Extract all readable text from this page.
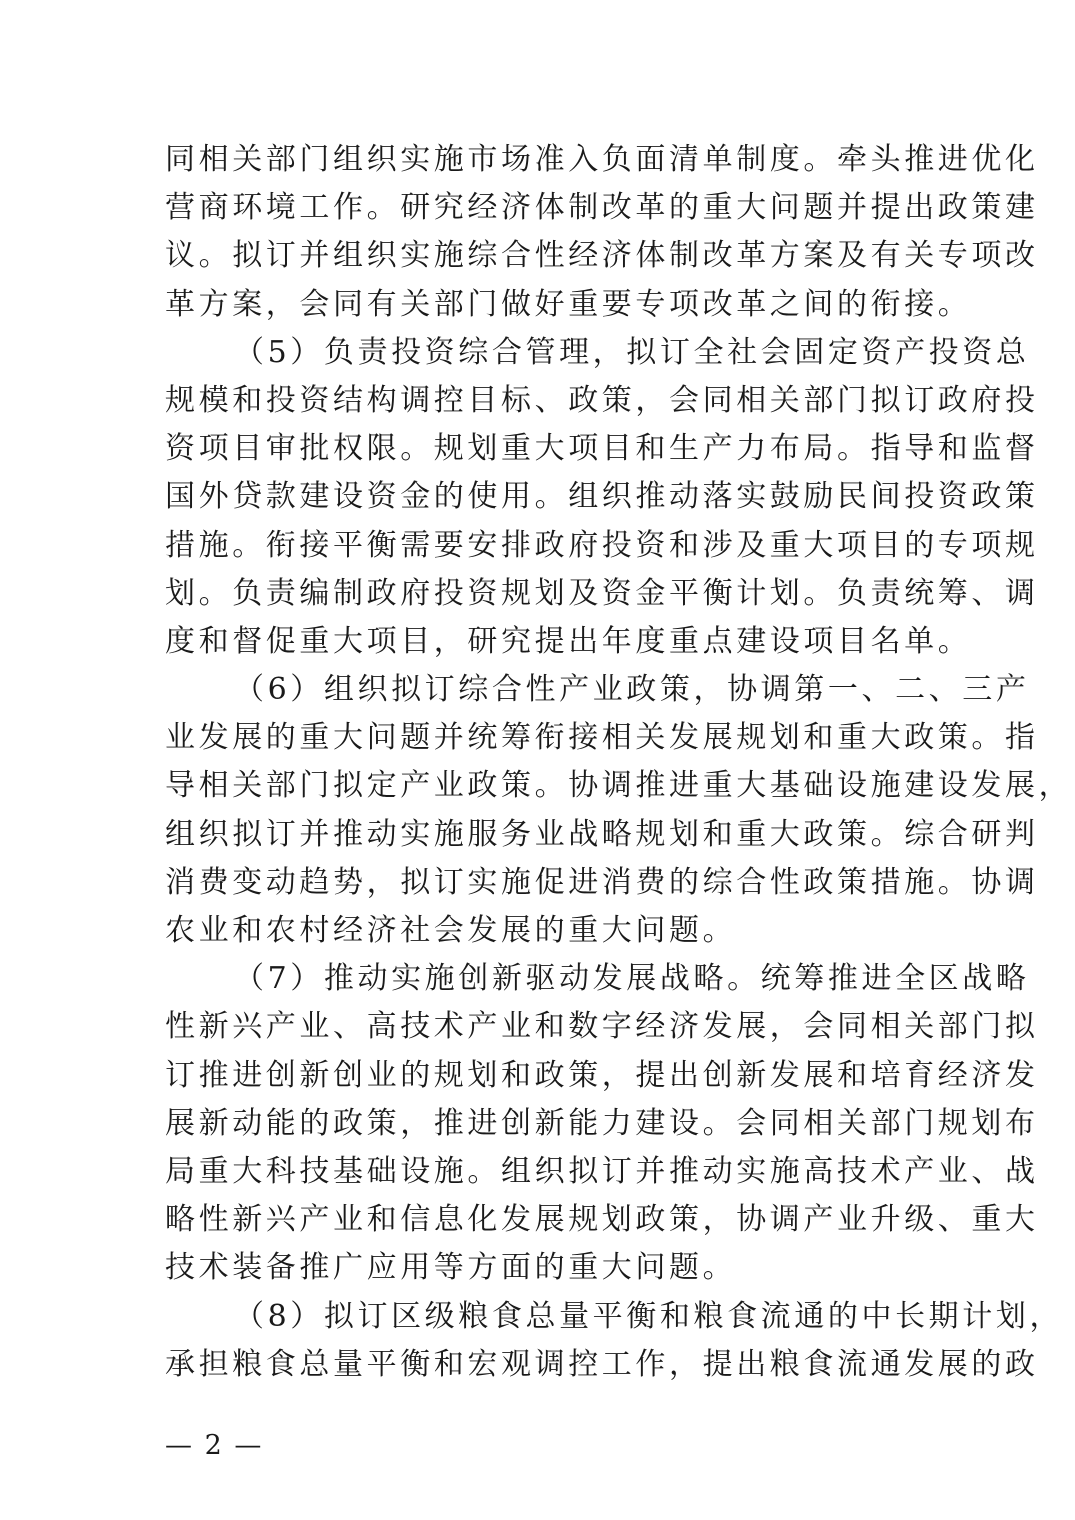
同相关部门组织实施市场准入负面清单制度。牵头推进优化
营商环境工作。研究经济体制改革的重大问题并提出政策建
议。拟订并组织实施综合性经济体制改革方案及有关专项改
革方案，会同有关部门做好重要专项改革之间的衔接。
（5）负责投资综合管理，拟订全社会固定资产投资总
规模和投资结构调控目标、政策，会同相关部门拟订政府投
资项目审批权限。规划重大项目和生产力布局。指导和监督
国外贷款建设资金的使用。组织推动落实鼓励民间投资政策
措施。衔接平衡需要安排政府投资和涉及重大项目的专项规
划。负责编制政府投资规划及资金平衡计划。负责统筹、调
度和督促重大项目，研究提出年度重点建设项目名单。
（6）组织拟订综合性产业政策，协调第一、二、三产
业发展的重大问题并统筹衔接相关发展规划和重大政策。指
导相关部门拟定产业政策。协调推进重大基础设施建设发展，
组织拟订并推动实施服务业战略规划和重大政策。综合研判
消费变动趋势，拟订实施促进消费的综合性政策措施。协调
农业和农村经济社会发展的重大问题。
（7）推动实施创新驱动发展战略。统筹推进全区战略
性新兴产业、高技术产业和数字经济发展，会同相关部门拟
订推进创新创业的规划和政策，提出创新发展和培育经济发
展新动能的政策，推进创新能力建设。会同相关部门规划布
局重大科技基础设施。组织拟订并推动实施高技术产业、战
略性新兴产业和信息化发展规划政策，协调产业升级、重大
技术装备推广应用等方面的重大问题。
（8）拟订区级粮食总量平衡和粮食流通的中长期计划，
承担粮食总量平衡和宏观调控工作，提出粮食流通发展的政
— 2 —
